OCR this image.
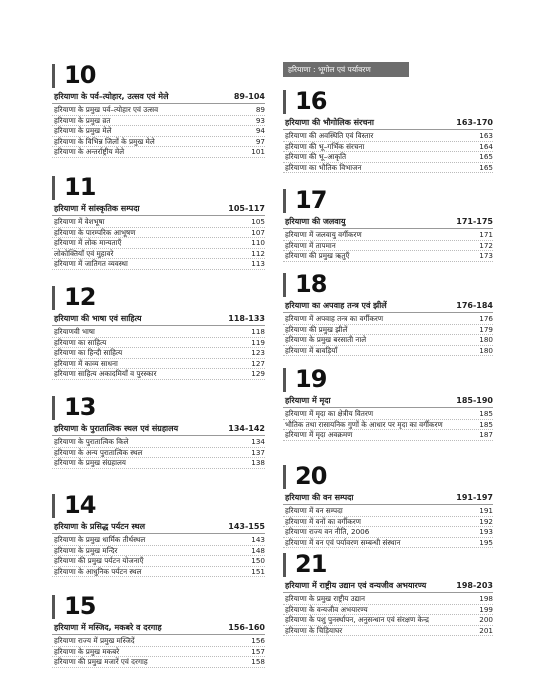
हरियाणा : भूगोल एवं पर्यावरण
10
हरियाणा के पर्व–त्योहार, उत्सव एवं मेले	89-104
हरियाणा के प्रमुख पर्व–त्योहार एवं उत्सव	89
हरियाणा के प्रमुख व्रत	93
हरियाणा के प्रमुख मेले	94
हरियाणा के विभिन्न जिलों के प्रमुख मेले	97
हरियाणा के अन्तर्राष्ट्रीय मेले	101
11
हरियाणा में सांस्कृतिक सम्पदा	105-117
हरियाणा में वेशभूषा	105
हरियाणा के पारम्परिक आभूषण	107
हरियाणा में लोक मान्यताएँ	110
लोकोक्तियाँ एवं मुहावरे	112
हरियाणा में जातिगत व्यवस्था	113
12
हरियाणा की भाषा एवं साहित्य	118-133
हरियाणवी भाषा	118
हरियाणा का साहित्य	119
हरियाणा का हिन्दी साहित्य	123
हरियाणा में काव्य साधना	127
हरियाणा साहित्य अकादमियाँ व पुरस्कार	129
13
हरियाणा के पुरातात्विक स्थल एवं संग्रहालय	134-142
हरियाणा के पुरातात्विक किले	134
हरियाणा के अन्य पुरातात्विक स्थल	137
हरियाणा के प्रमुख संग्रहालय	138
14
हरियाणा के प्रसिद्ध पर्यटन स्थल	143-155
हरियाणा के प्रमुख धार्मिक तीर्थस्थल	143
हरियाणा के प्रमुख मन्दिर	148
हरियाणा की प्रमुख पर्यटन योजनाएँ	150
हरियाणा के आधुनिक पर्यटन स्थल	151
15
हरियाणा में मस्जिद, मकबरे व दरगाह	156-160
हरियाणा राज्य में प्रमुख मस्जिदें	156
हरियाणा के प्रमुख मकबरे	157
हरियाणा की प्रमुख मजारें एवं दरगाह	158
16
हरियाणा की भौगोलिक संरचना	163-170
हरियाणा की अवस्थिति एवं विस्तार	163
हरियाणा की भू–गर्भिक संरचना	164
हरियाणा की भू–आकृति	165
हरियाणा का भौतिक विभाजन	165
17
हरियाणा की जलवायु	171-175
हरियाणा में जलवायु वर्गीकरण	171
हरियाणा में तापमान	172
हरियाणा की प्रमुख ऋतुएँ	173
18
हरियाणा का अपवाह तन्त्र एवं झीलें	176-184
हरियाणा में अपवाह तन्त्र का वर्गीकरण	176
हरियाणा की प्रमुख झीलें	179
हरियाणा के प्रमुख बरसाती नाले	180
हरियाणा में बावड़ियाँ	180
19
हरियाणा में मृदा	185-190
हरियाणा में मृदा का क्षेत्रीय वितरण	185
भौतिक तथा रासायनिक गुणों के आधार पर मृदा का वर्गीकरण	185
हरियाणा में मृदा अवक्रमण	187
20
हरियाणा की वन सम्पदा	191-197
हरियाणा में वन सम्पदा	191
हरियाणा में वनों का वर्गीकरण	192
हरियाणा राज्य वन नीति, 2006	193
हरियाणा में वन एवं पर्यावरण सम्बन्धी संस्थान	195
21
हरियाणा में राष्ट्रीय उद्यान एवं वन्यजीव अभयारण्य	198-203
हरियाणा के प्रमुख राष्ट्रीय उद्यान	198
हरियाणा के वन्यजीव अभयारण्य	199
हरियाणा के पशु पुनर्स्थापन, अनुसन्धान एवं संरक्षण केन्द्र	200
हरियाणा के चिड़ियाघर	201
